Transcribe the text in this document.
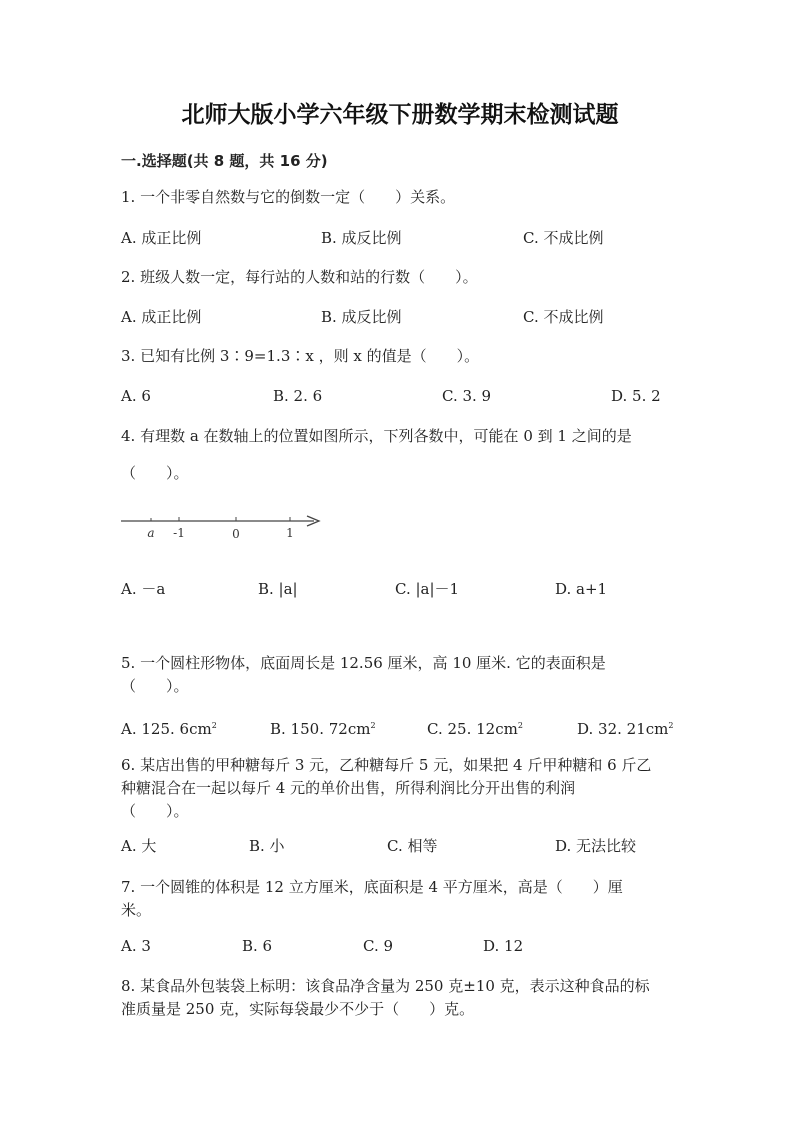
北师大版小学六年级下册数学期末检测试题
一.选择题(共 8 题，共 16 分)
1. 一个非零自然数与它的倒数一定（　　）关系。
A. 成正比例	B. 成反比例	C. 不成比例
2. 班级人数一定，每行站的人数和站的行数（　　）。
A. 成正比例	B. 成反比例	C. 不成比例
3. 已知有比例 3∶9=1.3∶x ，则 x 的值是（　　）。
A. 6	B. 2. 6	C. 3. 9	D. 5. 2
4. 有理数 a 在数轴上的位置如图所示，下列各数中，可能在 0 到 1 之间的是
（　　）。
a -1	0	1
A. －a	B. |a|	C. |a|－1	D. a+1
5. 一个圆柱形物体，底面周长是 12.56 厘米，高 10 厘米. 它的表面积是
（　　）。
A. 125. $6cm^2$	B. 150. $72cm^2$	C. 25. $12cm^2$	D. 32. $21cm^2$
6. 某店出售的甲种糖每斤 3 元，乙种糖每斤 5 元，如果把 4 斤甲种糖和 6 斤乙
种糖混合在一起以每斤 4 元的单价出售，所得利润比分开出售的利润
（　　）。
A. 大	B. 小	C. 相等	D. 无法比较
7. 一个圆锥的体积是 12 立方厘米，底面积是 4 平方厘米，高是（　　）厘
米。
A. 3	B. 6	C. 9	D. 12
8. 某食品外包装袋上标明：该食品净含量为 250 克±10 克，表示这种食品的标
准质量是 250 克，实际每袋最少不少于（　　）克。
